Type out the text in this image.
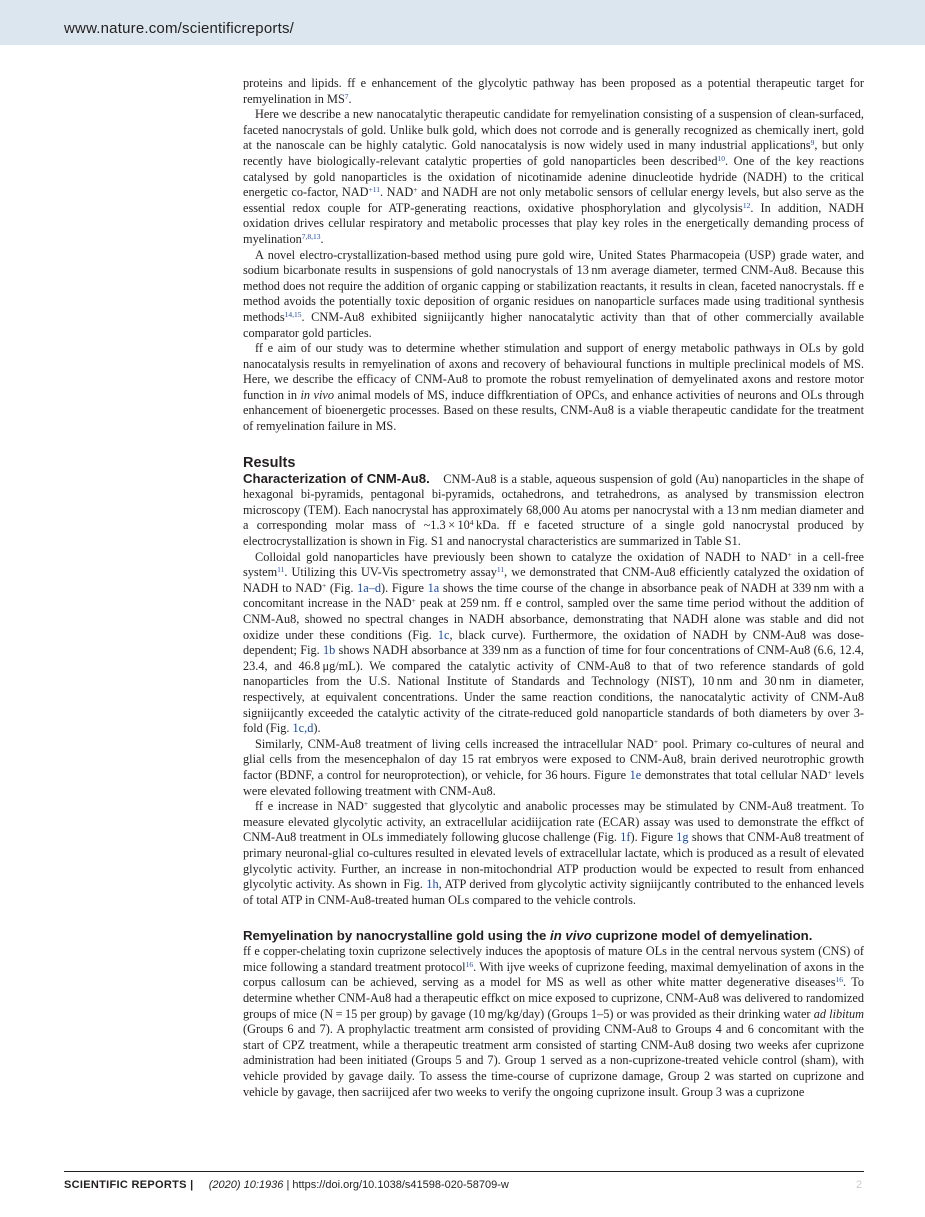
www.nature.com/scientificreports/

proteins and lipids. ff e enhancement of the glycolytic pathway has been proposed as a potential therapeutic target for remyelination in $MS^7$.

Here we describe a new nanocatalytic therapeutic candidate for remyelination consisting of a suspension of clean-surfaced, faceted nanocrystals of gold. Unlike bulk gold, which does not corrode and is generally recognized as chemically inert, gold at the nanoscale can be highly catalytic. Gold nanocatalysis is now widely used in many industrial applications$^9$, but only recently have biologically-relevant catalytic properties of gold nanoparticles been described$^{10}$. One of the key reactions catalysed by gold nanoparticles is the oxidation of nicotinamide adenine dinucleotide hydride (NADH) to the critical energetic co-factor, $NAD^{+11}$. NAD+ and NADH are not only metabolic sensors of cellular energy levels, but also serve as the essential redox couple for ATP-generating reactions, oxidative phosphorylation and glycolysis$^{12}$. In addition, NADH oxidation drives cellular respiratory and metabolic processes that play key roles in the energetically demanding process of myelination$^{7,8,13}$.

A novel electro-crystallization-based method using pure gold wire, United States Pharmacopeia (USP) grade water, and sodium bicarbonate results in suspensions of gold nanocrystals of 13 nm average diameter, termed CNM-Au8. Because this method does not require the addition of organic capping or stabilization reactants, it results in clean, faceted nanocrystals. ff e method avoids the potentially toxic deposition of organic residues on nanoparticle surfaces made using traditional synthesis methods$^{14,15}$. CNM-Au8 exhibited signiijcantly higher nanocatalytic activity than that of other commercially available comparator gold particles.

ff e aim of our study was to determine whether stimulation and support of energy metabolic pathways in OLs by gold nanocatalysis results in remyelination of axons and recovery of behavioural functions in multiple preclinical models of MS. Here, we describe the efficacy of CNM-Au8 to promote the robust remyelination of demyelinated axons and restore motor function in in vivo animal models of MS, induce diffkrentiation of OPCs, and enhance activities of neurons and OLs through enhancement of bioenergetic processes. Based on these results, CNM-Au8 is a viable therapeutic candidate for the treatment of remyelination failure in MS.

Results

Characterization of CNM-Au8. CNM-Au8 is a stable, aqueous suspension of gold (Au) nanoparticles in the shape of hexagonal bi-pyramids, pentagonal bi-pyramids, octahedrons, and tetrahedrons, as analysed by transmission electron microscopy (TEM). Each nanocrystal has approximately 68,000 Au atoms per nanocrystal with a 13 nm median diameter and a corresponding molar mass of ~1.3 × $10^4$ kDa. ff e faceted structure of a single gold nanocrystal produced by electrocrystallization is shown in Fig. S1 and nanocrystal characteristics are summarized in Table S1.

Colloidal gold nanoparticles have previously been shown to catalyze the oxidation of NADH to NAD+ in a cell-free system$^{11}$. Utilizing this UV-Vis spectrometry assay$^{11}$, we demonstrated that CNM-Au8 efficiently catalyzed the oxidation of NADH to NAD+ (Fig. 1a–d). Figure 1a shows the time course of the change in absorbance peak of NADH at 339 nm with a concomitant increase in the NAD+ peak at 259 nm. ff e control, sampled over the same time period without the addition of CNM-Au8, showed no spectral changes in NADH absorbance, demonstrating that NADH alone was stable and did not oxidize under these conditions (Fig. 1c, black curve). Furthermore, the oxidation of NADH by CNM-Au8 was dose-dependent; Fig. 1b shows NADH absorbance at 339 nm as a function of time for four concentrations of CNM-Au8 (6.6, 12.4, 23.4, and 46.8 μg/mL). We compared the catalytic activity of CNM-Au8 to that of two reference standards of gold nanoparticles from the U.S. National Institute of Standards and Technology (NIST), 10 nm and 30 nm in diameter, respectively, at equivalent concentrations. Under the same reaction conditions, the nanocatalytic activity of CNM-Au8 signiijcantly exceeded the catalytic activity of the citrate-reduced gold nanoparticle standards of both diameters by over 3-fold (Fig. 1c,d).

Similarly, CNM-Au8 treatment of living cells increased the intracellular NAD+ pool. Primary co-cultures of neural and glial cells from the mesencephalon of day 15 rat embryos were exposed to CNM-Au8, brain derived neurotrophic growth factor (BDNF, a control for neuroprotection), or vehicle, for 36 hours. Figure 1e demonstrates that total cellular NAD+ levels were elevated following treatment with CNM-Au8.

ff e increase in NAD+ suggested that glycolytic and anabolic processes may be stimulated by CNM-Au8 treatment. To measure elevated glycolytic activity, an extracellular acidiijcation rate (ECAR) assay was used to demonstrate the effkct of CNM-Au8 treatment in OLs immediately following glucose challenge (Fig. 1f). Figure 1g shows that CNM-Au8 treatment of primary neuronal-glial co-cultures resulted in elevated levels of extracellular lactate, which is produced as a result of elevated glycolytic activity. Further, an increase in non-mitochondrial ATP production would be expected to result from enhanced glycolytic activity. As shown in Fig. 1h, ATP derived from glycolytic activity signiijcantly contributed to the enhanced levels of total ATP in CNM-Au8-treated human OLs compared to the vehicle controls.

Remyelination by nanocrystalline gold using the in vivo cuprizone model of demyelination.

ff e copper-chelating toxin cuprizone selectively induces the apoptosis of mature OLs in the central nervous system (CNS) of mice following a standard treatment protocol$^{16}$. With ijve weeks of cuprizone feeding, maximal demyelination of axons in the corpus callosum can be achieved, serving as a model for MS as well as other white matter degenerative diseases$^{16}$. To determine whether CNM-Au8 had a therapeutic effkct on mice exposed to cuprizone, CNM-Au8 was delivered to randomized groups of mice (N = 15 per group) by gavage (10 mg/kg/day) (Groups 1–5) or was provided as their drinking water ad libitum (Groups 6 and 7). A prophylactic treatment arm consisted of providing CNM-Au8 to Groups 4 and 6 concomitant with the start of CPZ treatment, while a therapeutic treatment arm consisted of starting CNM-Au8 dosing two weeks afer cuprizone administration had been initiated (Groups 5 and 7). Group 1 served as a non-cuprizone-treated vehicle control (sham), with vehicle provided by gavage daily. To assess the time-course of cuprizone damage, Group 2 was started on cuprizone and vehicle by gavage, then sacriijced afer two weeks to verify the ongoing cuprizone insult. Group 3 was a cuprizone

SCIENTIFIC REPORTS | (2020) 10:1936 | https://doi.org/10.1038/s41598-020-58709-w	2
